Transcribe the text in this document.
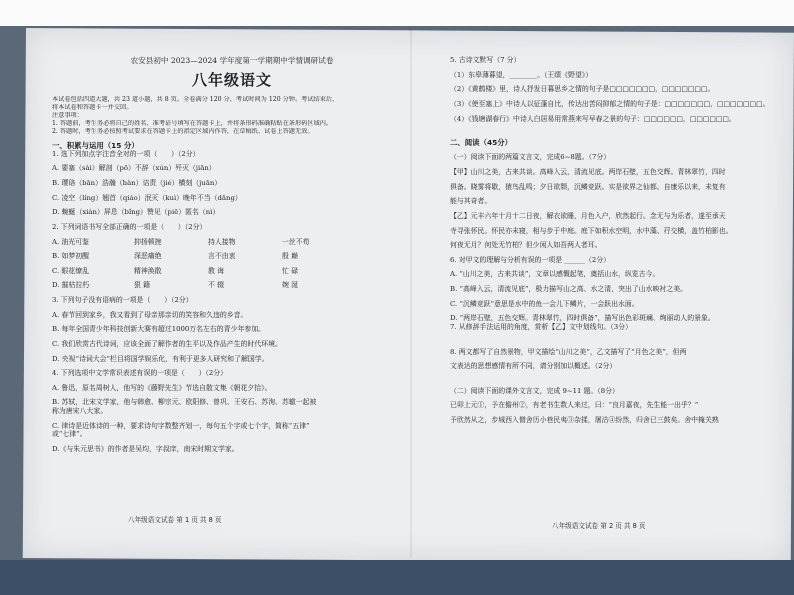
农安县初中 2023—2024 学年度第一学期期中学情调研试卷

八年级语文

本试卷包括四道大题，共 23 道小题，共 8 页。全卷满分 120 分，考试时间为 120 分钟。考试结束后，

将本试卷和答题卡一并交回。

注意事项：

1. 答题前，考生务必将自己的姓名、准考证号填写在答题卡上，并将条形码准确粘贴在条形码区域内。

2. 答题时，考生务必按照考试要求在答题卡上的指定区域内作答，在草稿纸、试卷上答题无效。

一、积累与运用（15 分）

1. 选下列加点字注音全对的一项（　　）（2分）

A. 要塞（sài）解剖（pō）不辞（xún）歼灭（jiān）

B. 璎珞（bān）浩瀚（hàn）诘责（jié）横刻（juān）

C. 凌空（líng）翘首（qiáo）泯灭（kuì）晚年不当（dǎng）

D. 蜿蜒（xián）屏息（bǐng）赞见（piē）匿名（nì）

2. 下列词语书写全部正确的一项是（　　）（2分）

A. 油光可鉴	抑扬顿挫	持人接物	一丝不苟
B. 如梦初醒	深恶痛绝	言不由衷	殷 巅
C. 眼花缭乱	精神涣散	教 诲	忙 碌
D. 摧枯拉朽	狠 籍	不 辍	婉 涎

3. 下列句子没有语病的一项是（　　）（2分）

A. 春节回到家乡，我又看到了母亲那亲切的笑容和久违的乡音。

B. 每年全国青少年科技创新大赛有超过1000万名左右的青少年参加。

C. 我们欣赏古代诗词，应该全面了解作者的生平以及作品产生的时代环境。

D. 央视“诗词大会”栏目将国学娱乐化，有利于更多人研究和了解国学。

4. 下列选项中文学常识表述有误的一项是（　　）（2分）

A. 鲁迅，原名周树人，他写的《藤野先生》节选自散文集《朝花夕拾》。

B. 苏轼，北宋文学家，他与韩愈、柳宗元、欧阳修、曾巩、王安石、苏洵、苏辙一起被

称为唐宋八大家。

C. 律诗是近体诗的一种，要求诗句字数整齐划一，每句五个字或七个字，简称“五律”

或“七律”。

D.《与朱元思书》的作者是吴均，字叔庠，南宋时期文学家。

八年级语文试卷 第 1 页 共 8 页

5. 古诗文默写（7 分）

（1）东皋薄暮望，________。（王绩《野望》）

（2）《黄鹤楼》里，诗人抒发日暮思乡之情的句子是□□□□□□□，□□□□□□□。

（3）《使至塞上》中诗人以征蓬自比，传达出苦闷抑郁之情的句子是：□□□□□□□，□□□□□□□。

（4）《钱塘湖春行》中诗人白居易用常燕来写早春之景的句子：□□□□□□，□□□□□□。

二、阅读（45分）

（一）阅读下面的两篇文言文，完成6~8题。（7分）

【甲】山川之美，古来共谈。高峰入云，清流见底。两岸石壁，五色交辉。青林翠竹，四时

俱备。晓雾将歇，猿鸟乱鸣；夕日欲颓，沉鳞竞跃。实是欲界之仙都。自康乐以来，未复有

能与其奇者。

【乙】元丰六年十月十二日夜，解衣欲睡，月色入户，欣然起行。念无与为乐者，遂至承天

寺寻张怀民。怀民亦未寝，相与步于中庭。庭下如积水空明，水中藻、荇交横，盖竹柏影也。

何夜无月？何处无竹柏？但少闲人如吾两人者耳。

6. 对甲文的理解与分析有误的一项是 ______（2分）

A. “山川之美，古来共谈”，文章以感慨起笔，奠括山水，纵览古今。

B. “高峰入云，清流见底”，极力描写山之高、水之清，突出了山水映衬之美。

C. “沉鳞竞跃”意思是水中的鱼一会儿下鳞片，一会跃出水面。

D. “两岸石壁，五色交辉。青林翠竹，四时俱备”，描写出色彩斑斓、绚丽动人的景象。

7. 从修辞手法运用的角度，赏析【乙】文中划线句。（3分）

8. 两文都写了自然景物，甲文描绘“山川之美”，乙文描写了“月色之美”，但两

文表达的思想感情有所不同，请分别加以概述。（2分）

（二）阅读下面的课外文言文，完成 9~11 题。（8分）

已卯上元①，予在儋州②，有老书生数人来过，曰：“良月嘉夜，先生能一出乎？”

予欣然从之，步城西入僧舍历小巷民夷③杂揉，屠沽④纷然，归舍已三鼓矣。舍中掩关熟

八年级语文试卷 第 2 页 共 8 页
